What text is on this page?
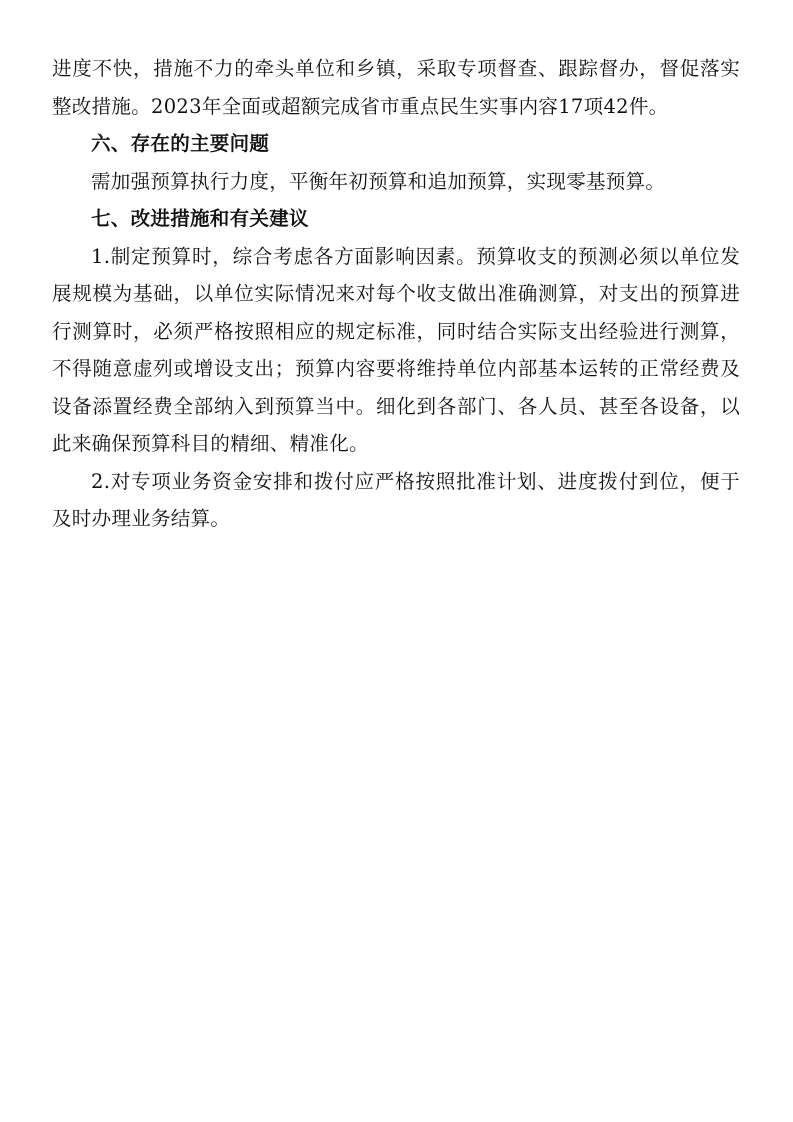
进度不快，措施不力的牵头单位和乡镇，采取专项督查、跟踪督办，督促落实整改措施。2023年全面或超额完成省市重点民生实事内容17项42件。

六、存在的主要问题

需加强预算执行力度，平衡年初预算和追加预算，实现零基预算。

七、改进措施和有关建议

1.制定预算时，综合考虑各方面影响因素。预算收支的预测必须以单位发展规模为基础，以单位实际情况来对每个收支做出准确测算，对支出的预算进行测算时，必须严格按照相应的规定标准，同时结合实际支出经验进行测算，不得随意虚列或增设支出；预算内容要将维持单位内部基本运转的正常经费及设备添置经费全部纳入到预算当中。细化到各部门、各人员、甚至各设备，以此来确保预算科目的精细、精准化。

2.对专项业务资金安排和拨付应严格按照批准计划、进度拨付到位，便于及时办理业务结算。
